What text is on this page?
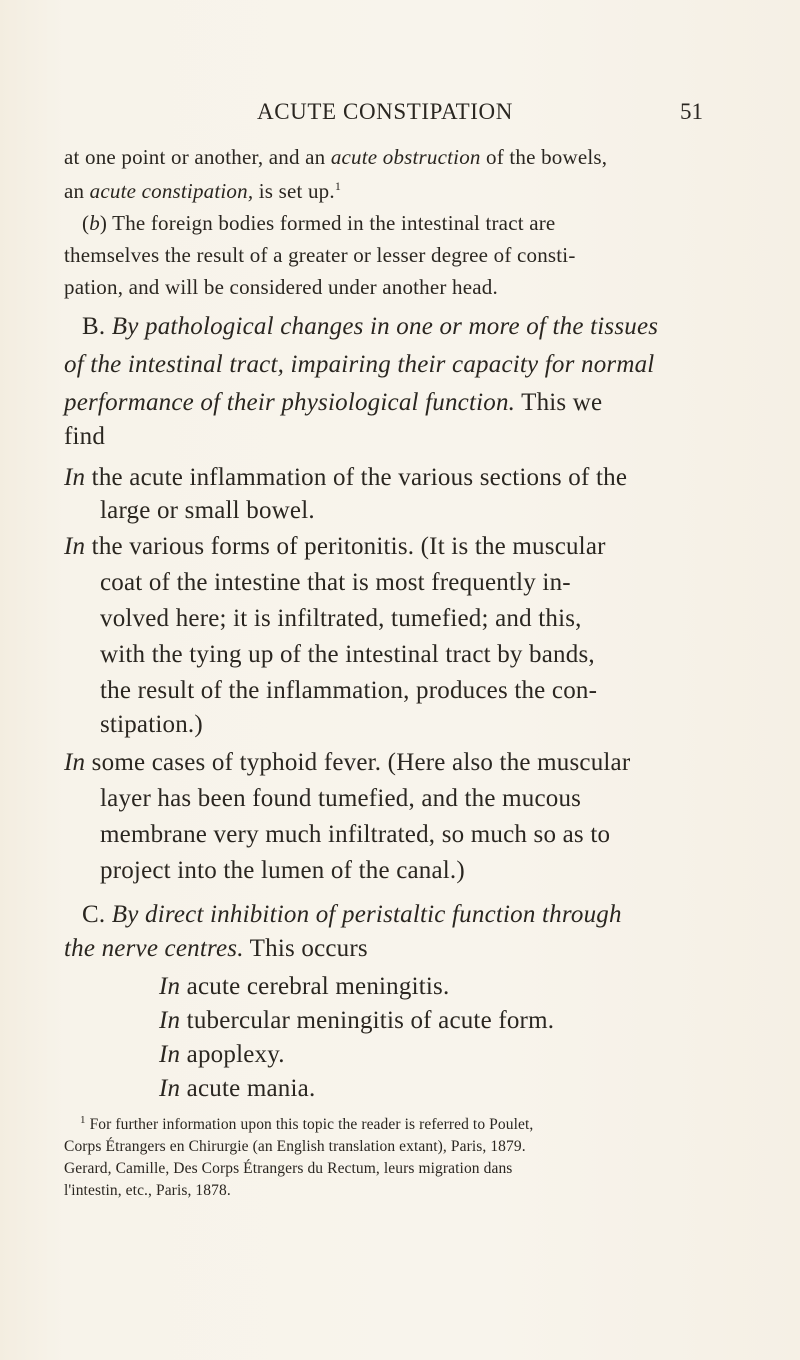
ACUTE CONSTIPATION	51
at one point or another, and an acute obstruction of the bowels,
an acute constipation, is set up.$^1$
(b) The foreign bodies formed in the intestinal tract are
themselves the result of a greater or lesser degree of consti-
pation, and will be considered under another head.
B. By pathological changes in one or more of the tissues
of the intestinal tract, impairing their capacity for normal
performance of their physiological function. This we
find
In the acute inflammation of the various sections of the
large or small bowel.
In the various forms of peritonitis. (It is the muscular
coat of the intestine that is most frequently in-
volved here; it is infiltrated, tumefied; and this,
with the tying up of the intestinal tract by bands,
the result of the inflammation, produces the con-
stipation.)
In some cases of typhoid fever. (Here also the muscular
layer has been found tumefied, and the mucous
membrane very much infiltrated, so much so as to
project into the lumen of the canal.)
C. By direct inhibition of peristaltic function through
the nerve centres. This occurs
In acute cerebral meningitis.
In tubercular meningitis of acute form.
In apoplexy.
In acute mania.
$^1$ For further information upon this topic the reader is referred to Poulet,
Corps Étrangers en Chirurgie (an English translation extant), Paris, 1879.
Gerard, Camille, Des Corps Étrangers du Rectum, leurs migration dans
l'intestin, etc., Paris, 1878.
